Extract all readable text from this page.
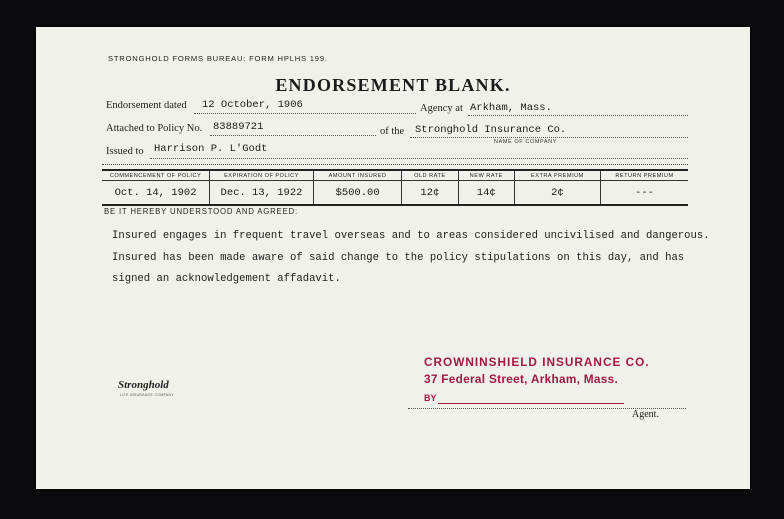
STRONGHOLD FORMS BUREAU: FORM HPLHS 199.
ENDORSEMENT BLANK.
Endorsement dated 12 October, 1906	Agency at Arkham, Mass.
Attached to Policy No. 83889721	of the Stronghold Insurance Co.
NAME OF COMPANY
Issued to Harrison P. L'Godt
COMMENCEMENT OF POLICY	EXPIRATION OF POLICY	AMOUNT INSURED	OLD RATE	NEW RATE	EXTRA PREMIUM	RETURN PREMIUM
Oct. 14, 1902	Dec. 13, 1922	$500.00	12¢	14¢	2¢	---
BE IT HEREBY UNDERSTOOD AND AGREED:
Insured engages in frequent travel overseas and to areas considered uncivilised and dangerous. Insured has been made aware of said change to the policy stipulations on this day, and has signed an acknowledgement affadavit.
Stronghold
LIFE INSURANCE COMPANY
CROWNINSHIELD INSURANCE CO.
37 Federal Street, Arkham, Mass.
BY
Agent.
